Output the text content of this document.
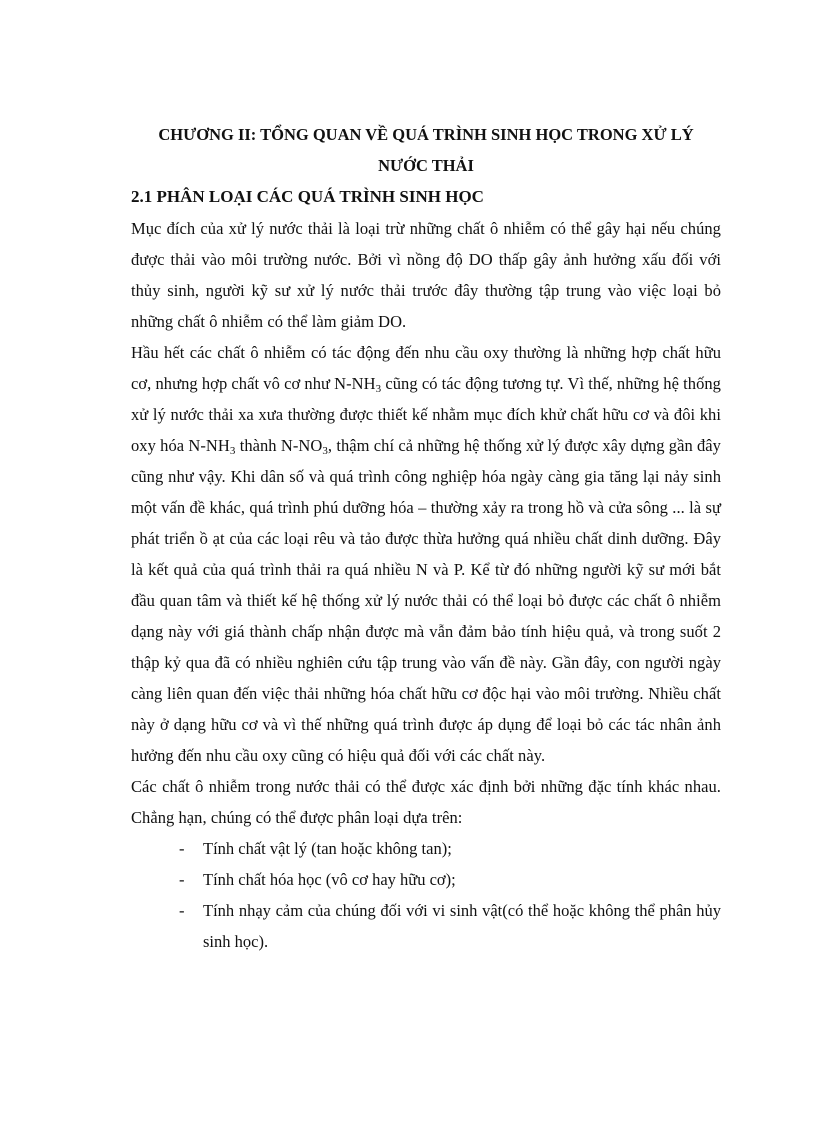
CHƯƠNG II: TỔNG QUAN VỀ QUÁ TRÌNH SINH HỌC TRONG XỬ LÝ
NƯỚC THẢI
2.1 PHÂN LOẠI CÁC QUÁ TRÌNH SINH HỌC

Mục đích của xử lý nước thải là loại trừ những chất ô nhiễm có thể gây hại nếu chúng được thải vào môi trường nước. Bởi vì nồng độ DO thấp gây ảnh hưởng xấu đối với thủy sinh, người kỹ sư xử lý nước thải trước đây thường tập trung vào việc loại bỏ những chất ô nhiễm có thể làm giảm DO.

Hầu hết các chất ô nhiễm có tác động đến nhu cầu oxy thường là những hợp chất hữu cơ, nhưng hợp chất vô cơ như $N-NH_3$ cũng có tác động tương tự. Vì thế, những hệ thống xử lý nước thải xa xưa thường được thiết kế nhằm mục đích khử chất hữu cơ và đôi khi oxy hóa $N-NH_3$ thành $N-NO_3$, thậm chí cả những hệ thống xử lý được xây dựng gần đây cũng như vậy. Khi dân số và quá trình công nghiệp hóa ngày càng gia tăng lại nảy sinh một vấn đề khác, quá trình phú dưỡng hóa – thường xảy ra trong hồ và cửa sông ... là sự phát triển ồ ạt của các loại rêu và tảo được thừa hưởng quá nhiều chất dinh dưỡng. Đây là kết quả của quá trình thải ra quá nhiều N và P. Kể từ đó những người kỹ sư mới bắt đầu quan tâm và thiết kế hệ thống xử lý nước thải có thể loại bỏ được các chất ô nhiễm dạng này với giá thành chấp nhận được mà vẫn đảm bảo tính hiệu quả, và trong suốt 2 thập kỷ qua đã có nhiều nghiên cứu tập trung vào vấn đề này. Gần đây, con người ngày càng liên quan đến việc thải những hóa chất hữu cơ độc hại vào môi trường. Nhiều chất này ở dạng hữu cơ và vì thế những quá trình được áp dụng để loại bỏ các tác nhân ảnh hưởng đến nhu cầu oxy cũng có hiệu quả đối với các chất này.

Các chất ô nhiễm trong nước thải có thể được xác định bởi những đặc tính khác nhau. Chẳng hạn, chúng có thể được phân loại dựa trên:

- Tính chất vật lý (tan hoặc không tan);
- Tính chất hóa học (vô cơ hay hữu cơ);
- Tính nhạy cảm của chúng đối với vi sinh vật(có thể hoặc không thể phân hủy sinh học).
